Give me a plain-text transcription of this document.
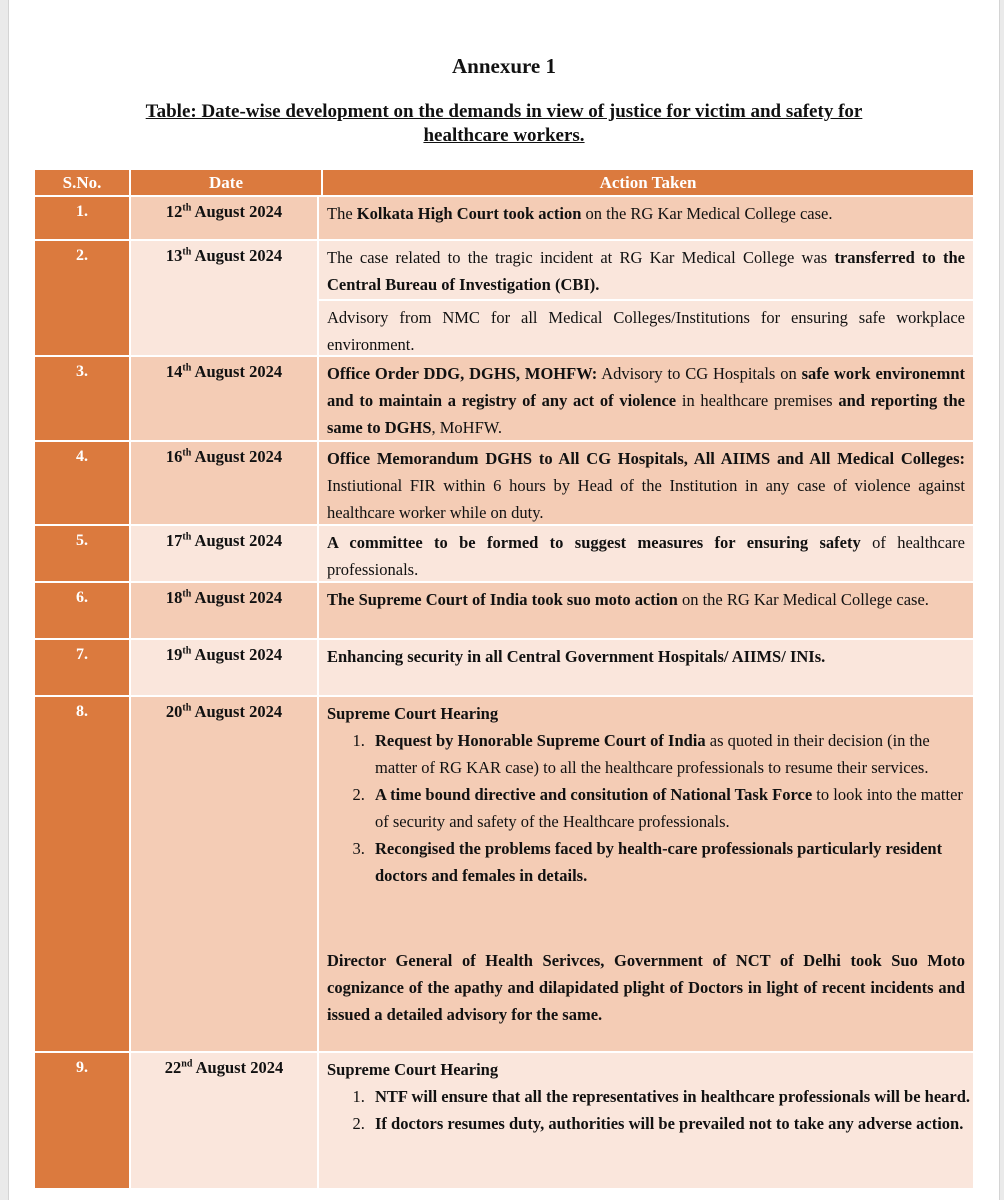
Annexure 1
Table: Date-wise development on the demands in view of justice for victim and safety for healthcare workers.
S.No.	Date	Action Taken
1.	12th August 2024	The Kolkata High Court took action on the RG Kar Medical College case.
2.	13th August 2024	The case related to the tragic incident at RG Kar Medical College was transferred to the Central Bureau of Investigation (CBI).
Advisory from NMC for all Medical Colleges/Institutions for ensuring safe workplace environment.
3.	14th August 2024	Office Order DDG, DGHS, MOHFW: Advisory to CG Hospitals on safe work environemnt and to maintain a registry of any act of violence in healthcare premises and reporting the same to DGHS, MoHFW.
4.	16th August 2024	Office Memorandum DGHS to All CG Hospitals, All AIIMS and All Medical Colleges: Instiutional FIR within 6 hours by Head of the Institution in any case of violence against healthcare worker while on duty.
5.	17th August 2024	A committee to be formed to suggest measures for ensuring safety of healthcare professionals.
6.	18th August 2024	The Supreme Court of India took suo moto action on the RG Kar Medical College case.
7.	19th August 2024	Enhancing security in all Central Government Hospitals/ AIIMS/ INIs.
8.	20th August 2024	Supreme Court Hearing
1. Request by Honorable Supreme Court of India as quoted in their decision (in the matter of RG KAR case) to all the healthcare professionals to resume their services.
2. A time bound directive and consitution of National Task Force to look into the matter of security and safety of the Healthcare professionals.
3. Recongised the problems faced by health-care professionals particularly resident doctors and females in details.
Director General of Health Serivces, Government of NCT of Delhi took Suo Moto cognizance of the apathy and dilapidated plight of Doctors in light of recent incidents and issued a detailed advisory for the same.
9.	22nd August 2024	Supreme Court Hearing
1. NTF will ensure that all the representatives in healthcare professionals will be heard.
2. If doctors resumes duty, authorities will be prevailed not to take any adverse action.
